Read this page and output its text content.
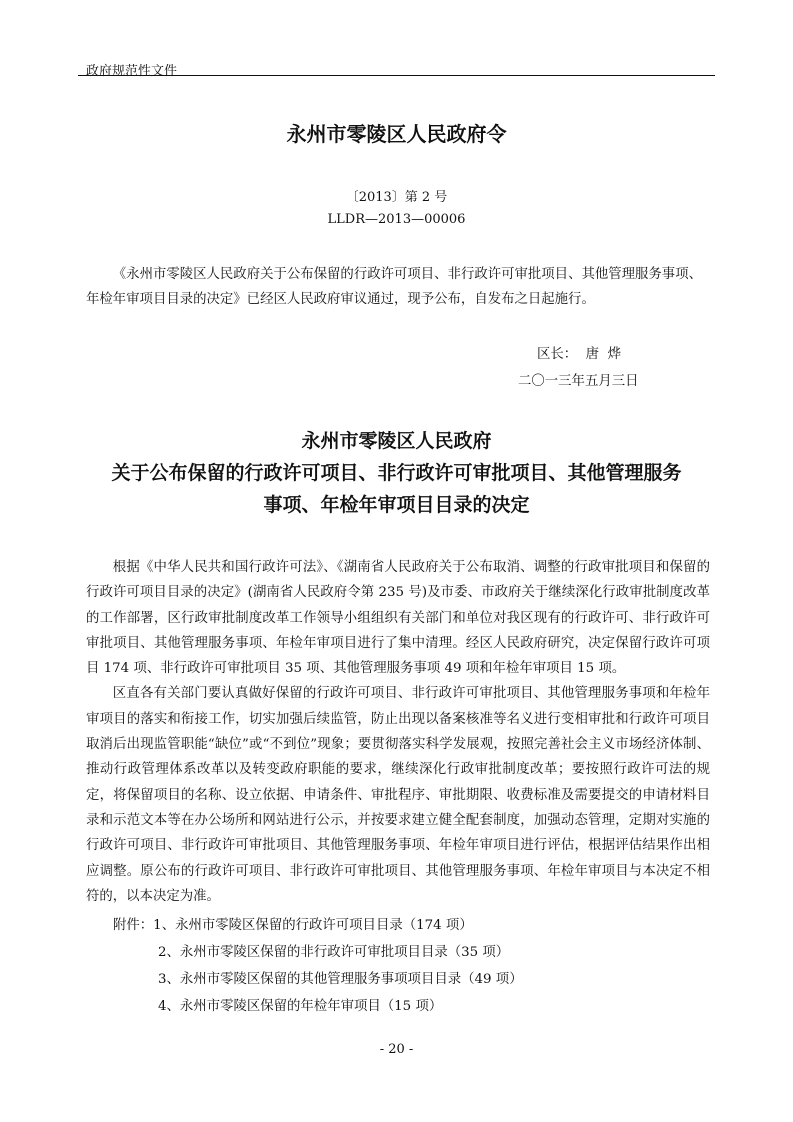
政府规范性文件
永州市零陵区人民政府令
〔2013〕第 2 号
LLDR—2013—00006
《永州市零陵区人民政府关于公布保留的行政许可项目、非行政许可审批项目、其他管理服务事项、年检年审项目目录的决定》已经区人民政府审议通过，现予公布，自发布之日起施行。
区长：  唐  烨
二〇一三年五月三日
永州市零陵区人民政府
关于公布保留的行政许可项目、非行政许可审批项目、其他管理服务
事项、年检年审项目目录的决定

根据《中华人民共和国行政许可法》、《湖南省人民政府关于公布取消、调整的行政审批项目和保留的行政许可项目目录的决定》(湖南省人民政府令第 235 号)及市委、市政府关于继续深化行政审批制度改革的工作部署，区行政审批制度改革工作领导小组组织有关部门和单位对我区现有的行政许可、非行政许可审批项目、其他管理服务事项、年检年审项目进行了集中清理。经区人民政府研究，决定保留行政许可项目 174 项、非行政许可审批项目 35 项、其他管理服务事项 49 项和年检年审项目 15 项。

区直各有关部门要认真做好保留的行政许可项目、非行政许可审批项目、其他管理服务事项和年检年审项目的落实和衔接工作，切实加强后续监管，防止出现以备案核准等名义进行变相审批和行政许可项目取消后出现监管职能“缺位”或“不到位”现象；要贯彻落实科学发展观，按照完善社会主义市场经济体制、推动行政管理体系改革以及转变政府职能的要求，继续深化行政审批制度改革；要按照行政许可法的规定，将保留项目的名称、设立依据、申请条件、审批程序、审批期限、收费标准及需要提交的申请材料目录和示范文本等在办公场所和网站进行公示，并按要求建立健全配套制度，加强动态管理，定期对实施的行政许可项目、非行政许可审批项目、其他管理服务事项、年检年审项目进行评估，根据评估结果作出相应调整。原公布的行政许可项目、非行政许可审批项目、其他管理服务事项、年检年审项目与本决定不相符的，以本决定为准。

附件：1、永州市零陵区保留的行政许可项目目录（174 项）
2、永州市零陵区保留的非行政许可审批项目目录（35 项）
3、永州市零陵区保留的其他管理服务事项项目目录（49 项）
4、永州市零陵区保留的年检年审项目（15 项）
- 20 -
